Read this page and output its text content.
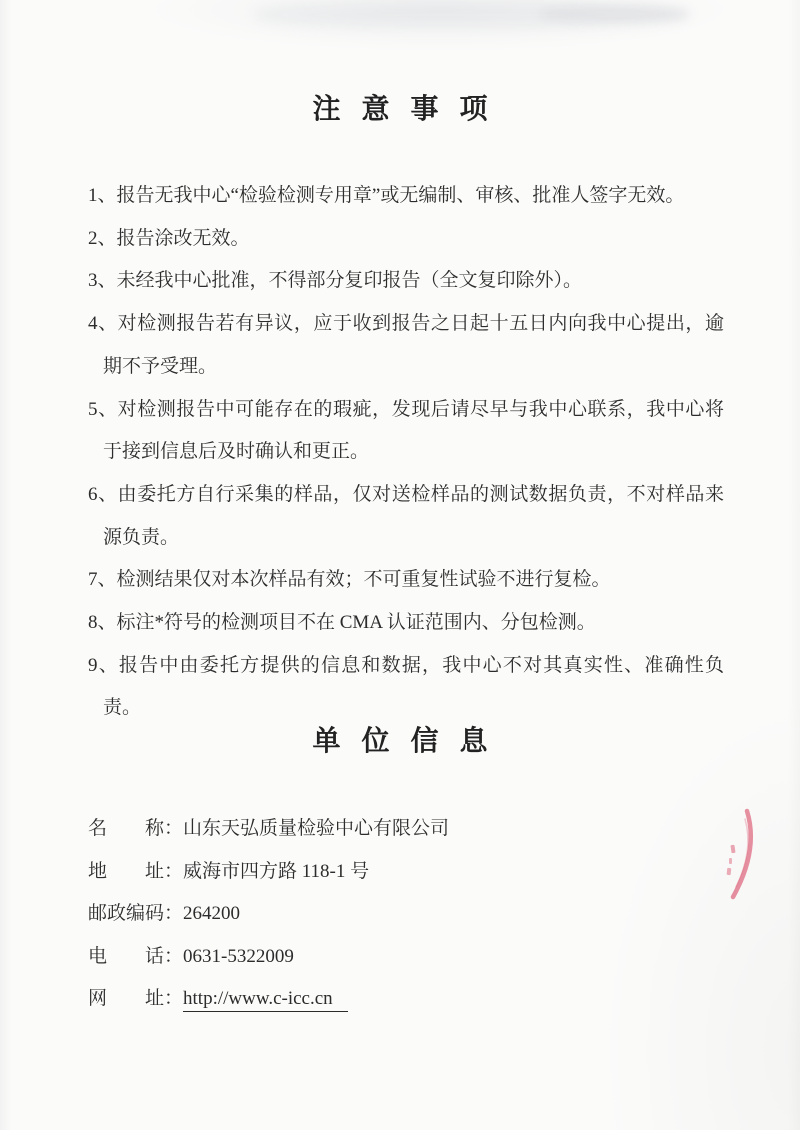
注意事项
1、报告无我中心“检验检测专用章”或无编制、审核、批准人签字无效。
2、报告涂改无效。
3、未经我中心批准，不得部分复印报告（全文复印除外）。
4、对检测报告若有异议，应于收到报告之日起十五日内向我中心提出，逾期不予受理。
5、对检测报告中可能存在的瑕疵，发现后请尽早与我中心联系，我中心将于接到信息后及时确认和更正。
6、由委托方自行采集的样品，仅对送检样品的测试数据负责，不对样品来源负责。
7、检测结果仅对本次样品有效；不可重复性试验不进行复检。
8、标注*符号的检测项目不在 CMA 认证范围内、分包检测。
9、报告中由委托方提供的信息和数据，我中心不对其真实性、准确性负责。
单位信息
名　　称：山东天弘质量检验中心有限公司
地　　址：威海市四方路 118-1 号
邮政编码：264200
电　　话：0631-5322009
网　　址：http://www.c-icc.cn
